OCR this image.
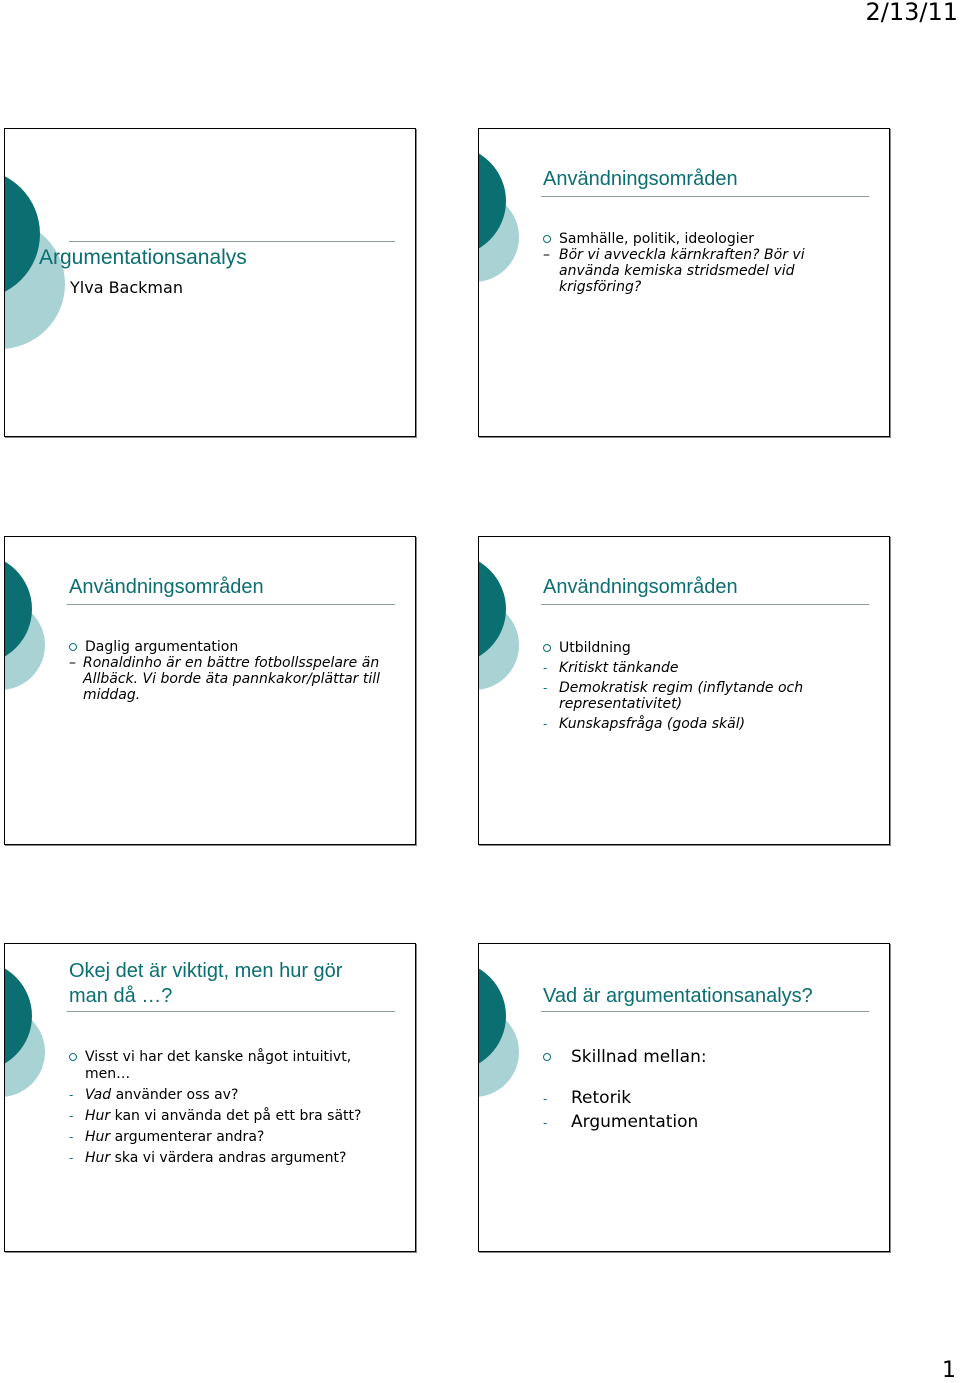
2/13/11
Argumentationsanalys
Ylva Backman
Användningsområden
Samhälle, politik, ideologier
– Bör vi avveckla kärnkraften? Bör vi använda kemiska stridsmedel vid krigsföring?
Användningsområden
Daglig argumentation
– Ronaldinho är en bättre fotbollsspelare än Allbäck. Vi borde äta pannkakor/plättar till middag.
Användningsområden
Utbildning
- Kritiskt tänkande
- Demokratisk regim (inflytande och representativitet)
- Kunskapsfråga (goda skäl)
Okej det är viktigt, men hur gör man då …?
Visst vi har det kanske något intuitivt, men…
- Vad använder oss av?
- Hur kan vi använda det på ett bra sätt?
- Hur argumenterar andra?
- Hur ska vi värdera andras argument?
Vad är argumentationsanalys?
Skillnad mellan:
- Retorik
- Argumentation
1
